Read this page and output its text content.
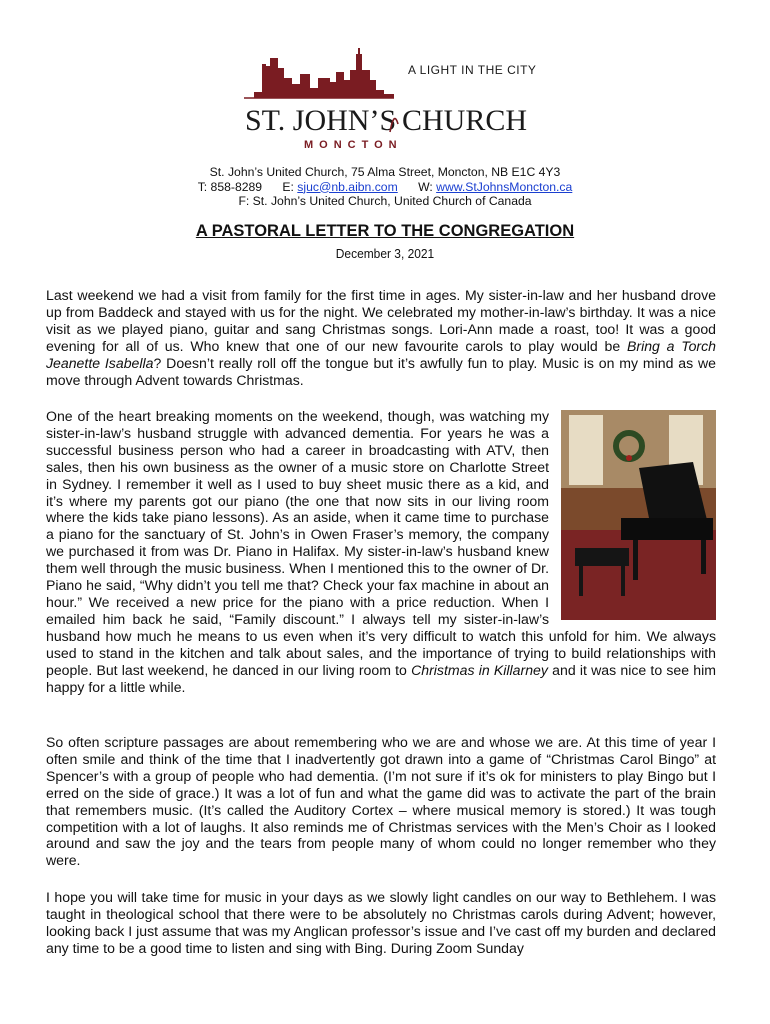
A LIGHT IN THE CITY
ST. JOHN’S CHURCH
MONCTON
St. John’s United Church, 75 Alma Street, Moncton, NB E1C 4Y3
T: 858-8289 E: sjuc@nb.aibn.com W: www.StJohnsMoncton.ca
F: St. John’s United Church, United Church of Canada
A PASTORAL LETTER TO THE CONGREGATION
December 3, 2021

Last weekend we had a visit from family for the first time in ages. My sister-in-law and her husband drove up from Baddeck and stayed with us for the night. We celebrated my mother-in-law’s birthday. It was a nice visit as we played piano, guitar and sang Christmas songs. Lori-Ann made a roast, too! It was a good evening for all of us. Who knew that one of our new favourite carols to play would be Bring a Torch Jeanette Isabella? Doesn’t really roll off the tongue but it’s awfully fun to play. Music is on my mind as we move through Advent towards Christmas.

One of the heart breaking moments on the weekend, though, was watching my sister-in-law’s husband struggle with advanced dementia. For years he was a successful business person who had a career in broadcasting with ATV, then sales, then his own business as the owner of a music store on Charlotte Street in Sydney. I remember it well as I used to buy sheet music there as a kid, and it’s where my parents got our piano (the one that now sits in our living room where the kids take piano lessons). As an aside, when it came time to purchase a piano for the sanctuary of St. John’s in Owen Fraser’s memory, the company we purchased it from was Dr. Piano in Halifax. My sister-in-law’s husband knew them well through the music business. When I mentioned this to the owner of Dr. Piano he said, “Why didn’t you tell me that? Check your fax machine in about an hour.” We received a new price for the piano with a price reduction. When I emailed him back he said, “Family discount.” I always tell my sister-in-law’s husband how much he means to us even when it’s very difficult to watch this unfold for him. We always used to stand in the kitchen and talk about sales, and the importance of trying to build relationships with people. But last weekend, he danced in our living room to Christmas in Killarney and it was nice to see him happy for a little while.

So often scripture passages are about remembering who we are and whose we are. At this time of year I often smile and think of the time that I inadvertently got drawn into a game of “Christmas Carol Bingo” at Spencer’s with a group of people who had dementia. (I’m not sure if it’s ok for ministers to play Bingo but I erred on the side of grace.) It was a lot of fun and what the game did was to activate the part of the brain that remembers music. (It’s called the Auditory Cortex – where musical memory is stored.) It was tough competition with a lot of laughs. It also reminds me of Christmas services with the Men’s Choir as I looked around and saw the joy and the tears from people many of whom could no longer remember who they were.

I hope you will take time for music in your days as we slowly light candles on our way to Bethlehem. I was taught in theological school that there were to be absolutely no Christmas carols during Advent; however, looking back I just assume that was my Anglican professor’s issue and I’ve cast off my burden and declared any time to be a good time to listen and sing with Bing. During Zoom Sunday
